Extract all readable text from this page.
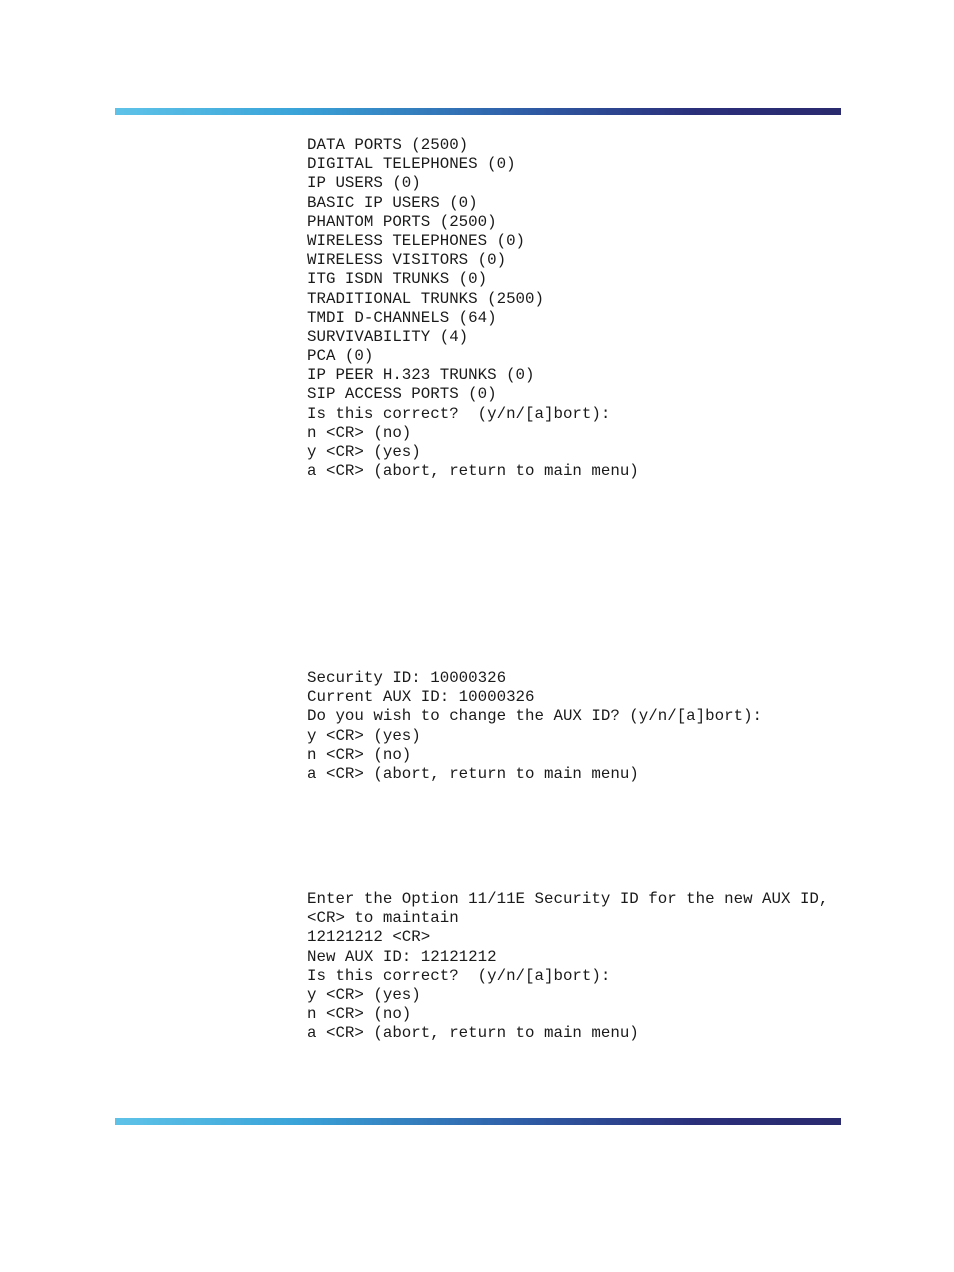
DATA PORTS (2500)
DIGITAL TELEPHONES (0)
IP USERS (0)
BASIC IP USERS (0)
PHANTOM PORTS (2500)
WIRELESS TELEPHONES (0)
WIRELESS VISITORS (0)
ITG ISDN TRUNKS (0)
TRADITIONAL TRUNKS (2500)
TMDI D-CHANNELS (64)
SURVIVABILITY (4)
PCA (0)
IP PEER H.323 TRUNKS (0)
SIP ACCESS PORTS (0)
Is this correct?  (y/n/[a]bort):
n <CR> (no)
y <CR> (yes)
a <CR> (abort, return to main menu)
Security ID: 10000326
Current AUX ID: 10000326
Do you wish to change the AUX ID? (y/n/[a]bort):
y <CR> (yes)
n <CR> (no)
a <CR> (abort, return to main menu)
Enter the Option 11/11E Security ID for the new AUX ID,
<CR> to maintain
12121212 <CR>
New AUX ID: 12121212
Is this correct?  (y/n/[a]bort):
y <CR> (yes)
n <CR> (no)
a <CR> (abort, return to main menu)
